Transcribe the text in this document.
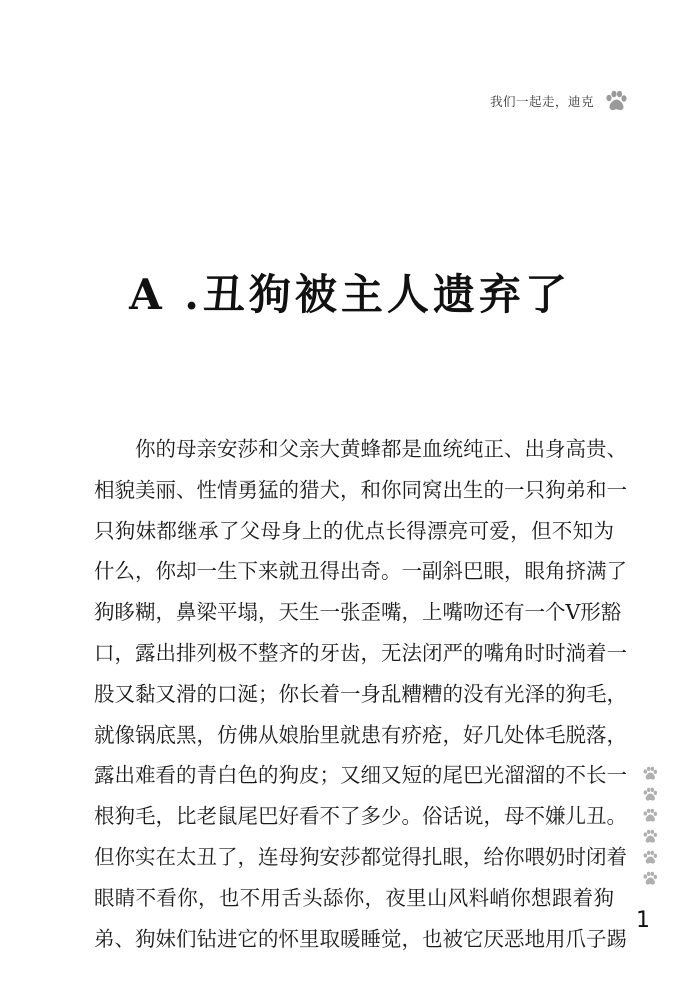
我们一起走，迪克
A .丑狗被主人遗弃了
你的母亲安莎和父亲大黄蜂都是血统纯正、出身高贵、
相貌美丽、性情勇猛的猎犬，和你同窝出生的一只狗弟和一
只狗妹都继承了父母身上的优点长得漂亮可爱，但不知为
什么，你却一生下来就丑得出奇。一副斜巴眼，眼角挤满了
狗眵糊，鼻梁平塌，天生一张歪嘴，上嘴吻还有一个V形豁
口，露出排列极不整齐的牙齿，无法闭严的嘴角时时淌着一
股又黏又滑的口涎；你长着一身乱糟糟的没有光泽的狗毛，
就像锅底黑，仿佛从娘胎里就患有疥疮，好几处体毛脱落，
露出难看的青白色的狗皮；又细又短的尾巴光溜溜的不长一
根狗毛，比老鼠尾巴好看不了多少。俗话说，母不嫌儿丑。
但你实在太丑了，连母狗安莎都觉得扎眼，给你喂奶时闭着
眼睛不看你，也不用舌头舔你，夜里山风料峭你想跟着狗
弟、狗妹们钻进它的怀里取暖睡觉，也被它厌恶地用爪子踢
1
